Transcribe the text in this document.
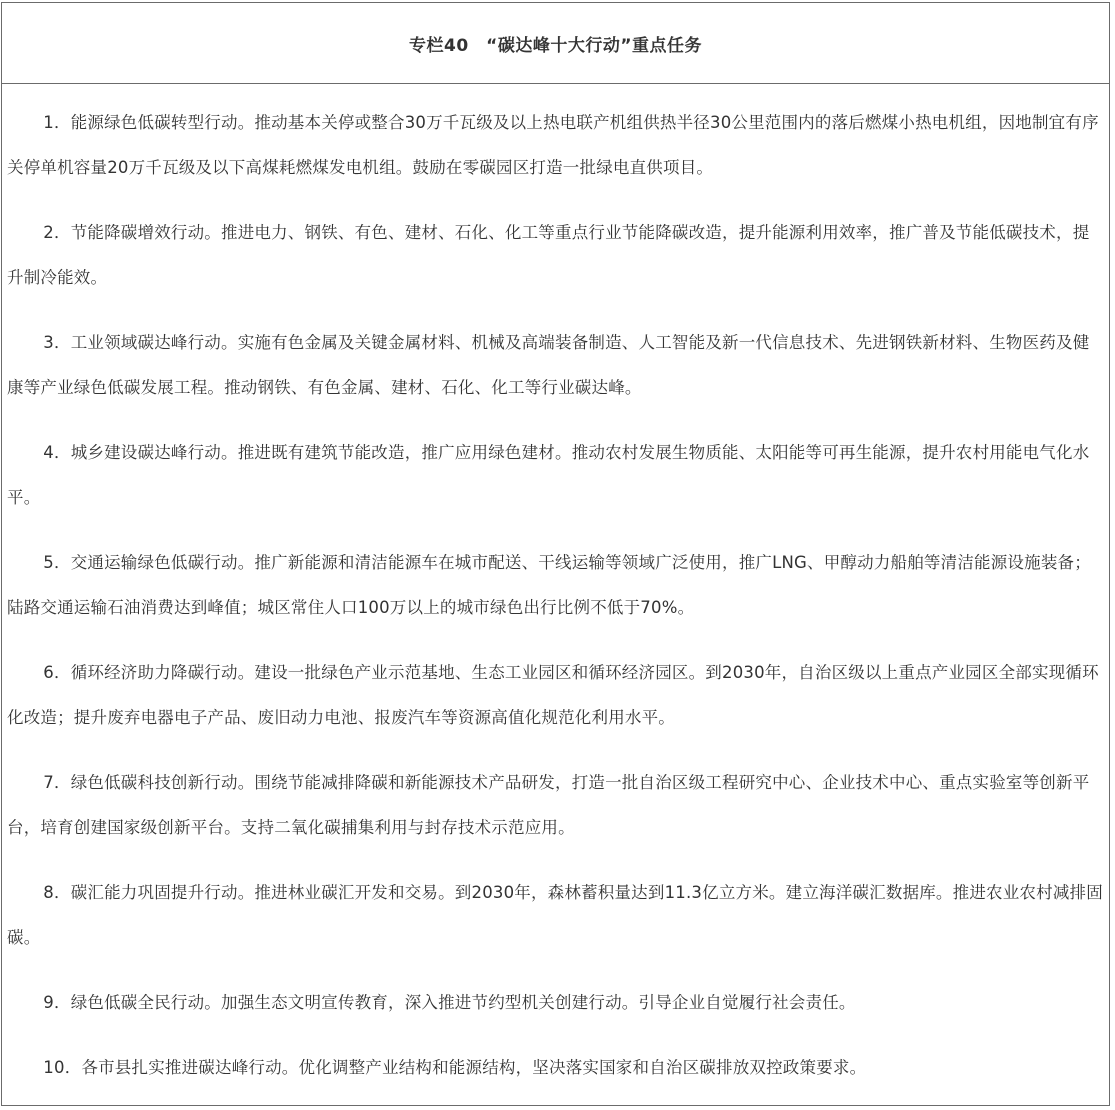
专栏40　“碳达峰十大行动”重点任务

1．能源绿色低碳转型行动。推动基本关停或整合30万千瓦级及以上热电联产机组供热半径30公里范围内的落后燃煤小热电机组，因地制宜有序关停单机容量20万千瓦级及以下高煤耗燃煤发电机组。鼓励在零碳园区打造一批绿电直供项目。

2．节能降碳增效行动。推进电力、钢铁、有色、建材、石化、化工等重点行业节能降碳改造，提升能源利用效率，推广普及节能低碳技术，提升制冷能效。

3．工业领域碳达峰行动。实施有色金属及关键金属材料、机械及高端装备制造、人工智能及新一代信息技术、先进钢铁新材料、生物医药及健康等产业绿色低碳发展工程。推动钢铁、有色金属、建材、石化、化工等行业碳达峰。

4．城乡建设碳达峰行动。推进既有建筑节能改造，推广应用绿色建材。推动农村发展生物质能、太阳能等可再生能源，提升农村用能电气化水平。

5．交通运输绿色低碳行动。推广新能源和清洁能源车在城市配送、干线运输等领域广泛使用，推广LNG、甲醇动力船舶等清洁能源设施装备；陆路交通运输石油消费达到峰值；城区常住人口100万以上的城市绿色出行比例不低于70%。

6．循环经济助力降碳行动。建设一批绿色产业示范基地、生态工业园区和循环经济园区。到2030年，自治区级以上重点产业园区全部实现循环化改造；提升废弃电器电子产品、废旧动力电池、报废汽车等资源高值化规范化利用水平。

7．绿色低碳科技创新行动。围绕节能减排降碳和新能源技术产品研发，打造一批自治区级工程研究中心、企业技术中心、重点实验室等创新平台，培育创建国家级创新平台。支持二氧化碳捕集利用与封存技术示范应用。

8．碳汇能力巩固提升行动。推进林业碳汇开发和交易。到2030年，森林蓄积量达到11.3亿立方米。建立海洋碳汇数据库。推进农业农村减排固碳。

9．绿色低碳全民行动。加强生态文明宣传教育，深入推进节约型机关创建行动。引导企业自觉履行社会责任。

10．各市县扎实推进碳达峰行动。优化调整产业结构和能源结构，坚决落实国家和自治区碳排放双控政策要求。
